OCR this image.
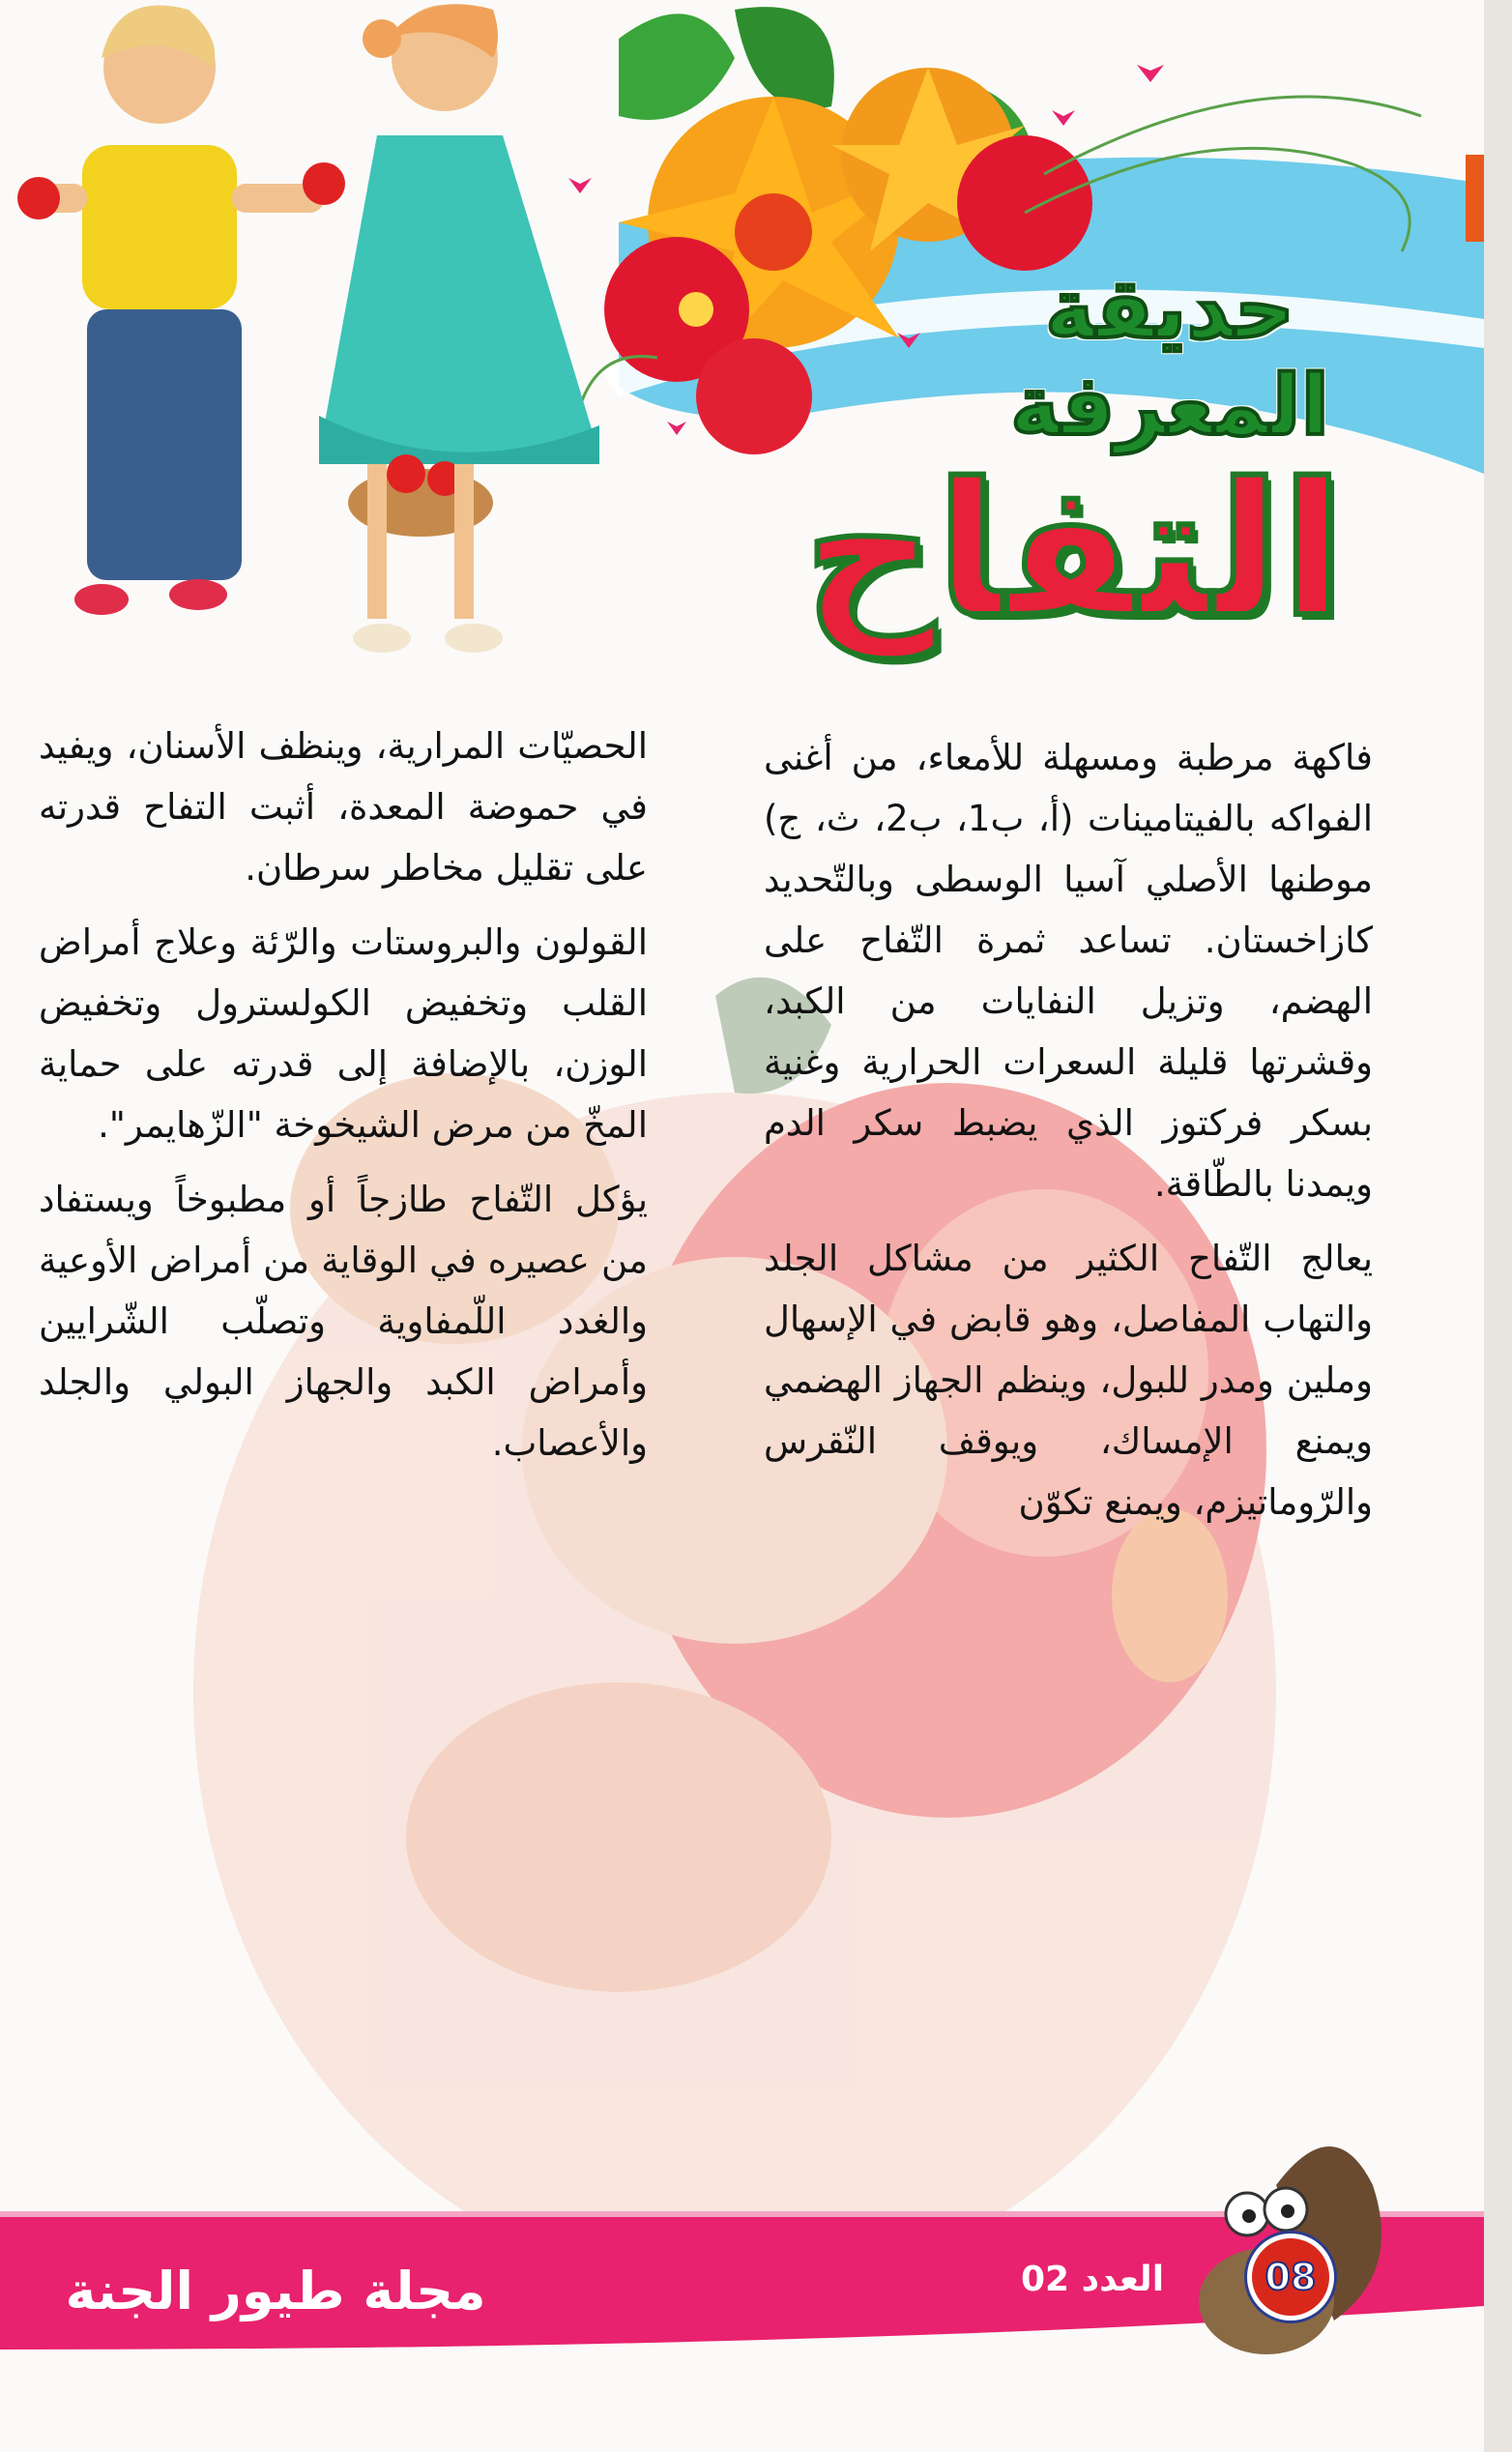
حديقة المعرفة
التفاح

فاكهة مرطبة ومسهلة للأمعاء، من أغنى الفواكه بالفيتامينات (أ، ب1، ب2، ث، ج) موطنها الأصلي آسيا الوسطى وبالتّحديد كازاخستان. تساعد ثمرة التّفاح على الهضم، وتزيل النفايات من الكبد، وقشرتها قليلة السعرات الحرارية وغنية بسكر فركتوز الذي يضبط سكر الدم ويمدنا بالطّاقة.

يعالج التّفاح الكثير من مشاكل الجلد والتهاب المفاصل، وهو قابض في الإسهال وملين ومدر للبول، وينظم الجهاز الهضمي ويمنع الإمساك، ويوقف النّقرس والرّوماتيزم، ويمنع تكوّن

الحصيّات المرارية، وينظف الأسنان، ويفيد في حموضة المعدة، أثبت التفاح قدرته على تقليل مخاطر سرطان.

القولون والبروستات والرّئة وعلاج أمراض القلب وتخفيض الكولسترول وتخفيض الوزن، بالإضافة إلى قدرته على حماية المخّ من مرض الشيخوخة "الزّهايمر".

يؤكل التّفاح طازجاً أو مطبوخاً ويستفاد من عصيره في الوقاية من أمراض الأوعية والغدد اللّمفاوية وتصلّب الشّرايين وأمراض الكبد والجهاز البولي والجلد والأعصاب.

مجلة طيور الجنة	العدد 02	08
